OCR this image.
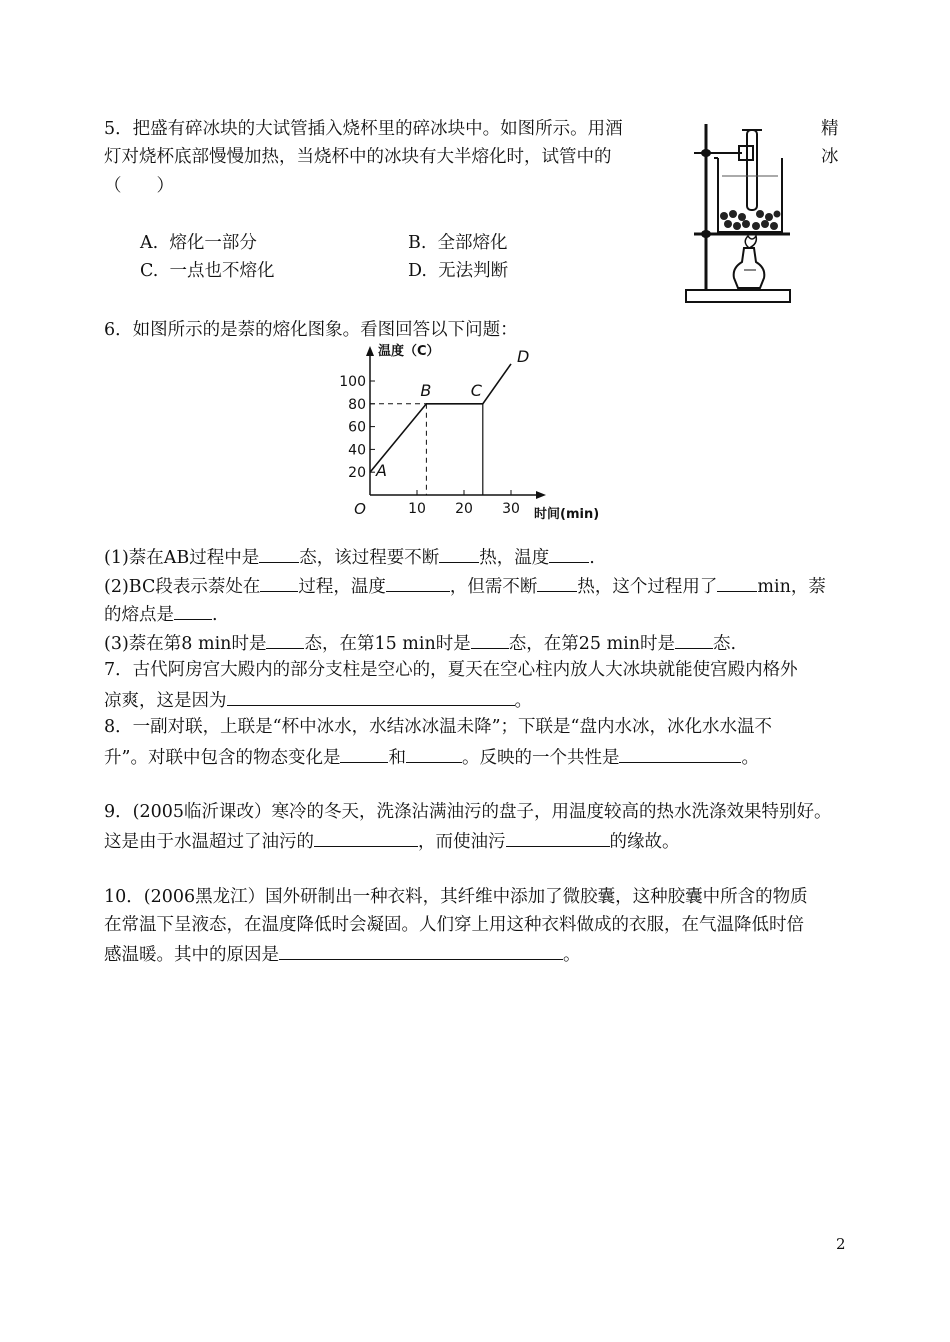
5．把盛有碎冰块的大试管插入烧杯里的碎冰块中。如图所示。用酒
灯对烧杯底部慢慢加热，当烧杯中的冰块有大半熔化时，试管中的
（　　）
精
冰
A.  熔化一部分	B.  全部熔化
C.  一点也不熔化	D.  无法判断
6．如图所示的是萘的熔化图象。看图回答以下问题：
20
40
60
80
100
10 20 30
O
温度（C）
时间(min)
A
B C
D
(1)萘在AB过程中是 态，该过程要不断 热，温度 .
(2)BC段表示萘处在 过程，温度	，但需不断 热，这个过程用了 min，萘
的熔点是 .
(3)萘在第8 min时是 态，在第15 min时是 态，在第25 min时是 态.
7．古代阿房宫大殿内的部分支柱是空心的，夏天在空心柱内放人大冰块就能使宫殿内格外
凉爽，这是因为	。
8．一副对联，上联是“杯中冰水，水结冰冰温未降”；下联是“盘内水冰，冰化水水温不
升”。对联中包含的物态变化是	和	。反映的一个共性是	。
9．(2005临沂课改）寒冷的冬天，洗涤沾满油污的盘子，用温度较高的热水洗涤效果特别好。
这是由于水温超过了油污的	，而使油污	的缘故。
10．(2006黑龙江）国外研制出一种衣料，其纤维中添加了微胶囊，这种胶囊中所含的物质
在常温下呈液态，在温度降低时会凝固。人们穿上用这种衣料做成的衣服，在气温降低时倍
感温暖。其中的原因是	。
2
